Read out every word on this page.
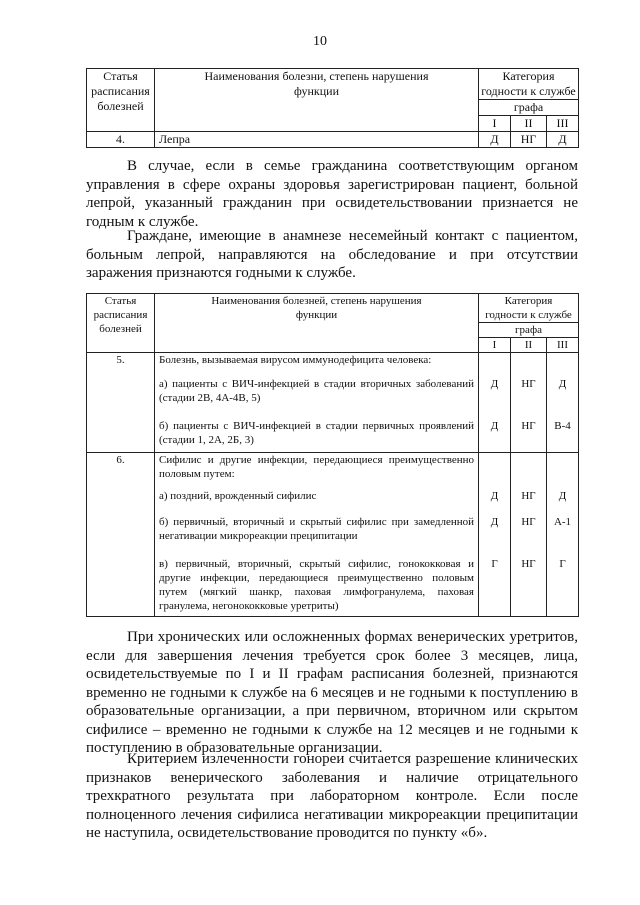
10
Статья расписания болезней	Наименования болезни, степень нарушения функции	Категория
годности к службе		

		графа		
		I	II	III
4.	Лепра	Д	НГ	Д

В случае, если в семье гражданина соответствующим органом управления в сфере охраны здоровья зарегистрирован пациент, больной лепрой, указанный гражданин при освидетельствовании признается не годным к службе.

Граждане, имеющие в анамнезе несемейный контакт с пациентом, больным лепрой, направляются на обследование и при отсутствии заражения признаются годными к службе.

Статья расписания болезней	Наименования болезней, степень нарушения функции	Категория
годности к службе		

		графа		
		I	II	III
5.	Болезнь, вызываемая вирусом иммунодефицита человека:			
	а) пациенты с ВИЧ-инфекцией в стадии вторичных заболеваний (стадии 2В, 4А-4В, 5)	Д	НГ	Д
	б) пациенты с ВИЧ-инфекцией в стадии первичных проявлений (стадии 1, 2А, 2Б, 3)	Д	НГ	В-4
6.	Сифилис и другие инфекции, передающиеся преимущественно половым путем:			
	а) поздний, врожденный сифилис	Д	НГ	Д
	б) первичный, вторичный и скрытый сифилис при замедленной негативации микрореакции преципитации	Д	НГ	А-1
	в) первичный, вторичный, скрытый сифилис, гонококковая и другие инфекции, передающиеся преимущественно половым путем (мягкий шанкр, паховая лимфогранулема, паховая гранулема, негонококковые уретриты)	Г	НГ	Г

При хронических или осложненных формах венерических уретритов, если для завершения лечения требуется срок более 3 месяцев, лица, освидетельствуемые по I и II графам расписания болезней, признаются временно не годными к службе на 6 месяцев и не годными к поступлению в образовательные организации, а при первичном, вторичном или скрытом сифилисе – временно не годными к службе на 12 месяцев и не годными к поступлению в образовательные организации.

Критерием излеченности гонореи считается разрешение клинических признаков венерического заболевания и наличие отрицательного трехкратного результата при лабораторном контроле. Если после полноценного лечения сифилиса негативации микрореакции преципитации не наступила, освидетельствование проводится по пункту «б».
